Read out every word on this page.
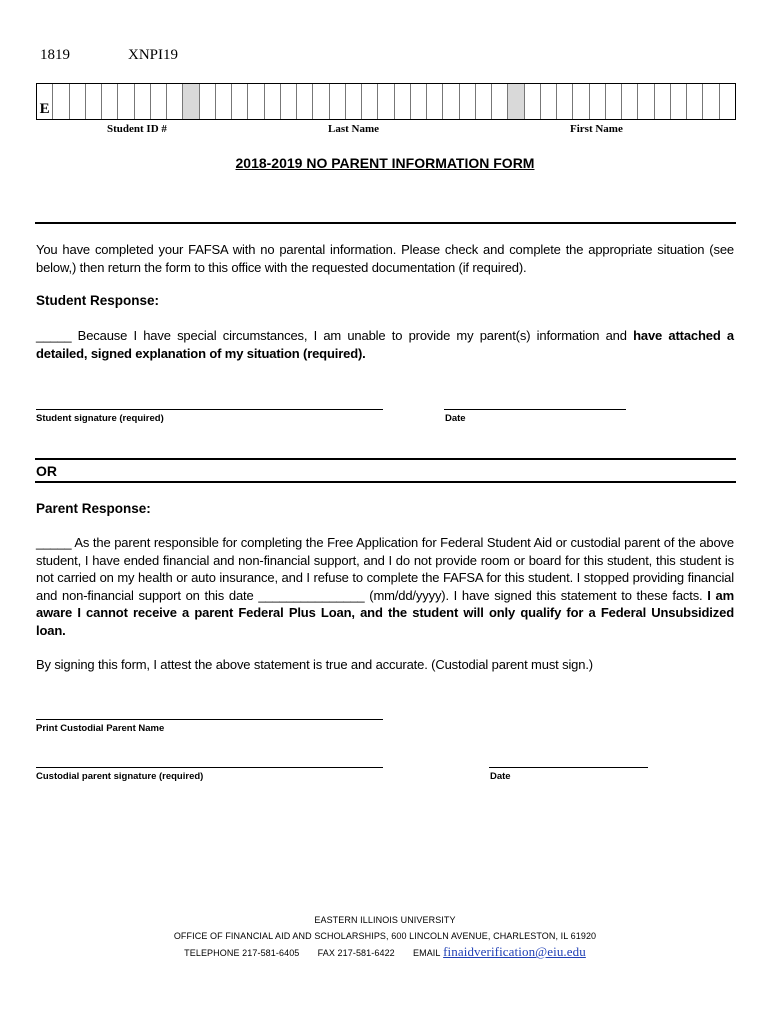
1819	XNPI19
E
Student ID #	Last Name	First Name
2018-2019 NO PARENT INFORMATION FORM
You have completed your FAFSA with no parental information. Please check and complete the appropriate situation (see below,) then return the form to this office with the requested documentation (if required).
Student Response:
_____ Because I have special circumstances, I am unable to provide my parent(s) information and have attached a detailed, signed explanation of my situation (required).
Student signature (required)	Date
OR
Parent Response:
_____ As the parent responsible for completing the Free Application for Federal Student Aid or custodial parent of the above student, I have ended financial and non-financial support, and I do not provide room or board for this student, this student is not carried on my health or auto insurance, and I refuse to complete the FAFSA for this student. I stopped providing financial and non-financial support on this date _______________ (mm/dd/yyyy). I have signed this statement to these facts. I am aware I cannot receive a parent Federal Plus Loan, and the student will only qualify for a Federal Unsubsidized loan.
By signing this form, I attest the above statement is true and accurate. (Custodial parent must sign.)
Print Custodial Parent Name
Custodial parent signature (required)	Date
EASTERN ILLINOIS UNIVERSITY
OFFICE OF FINANCIAL AID AND SCHOLARSHIPS, 600 LINCOLN AVENUE, CHARLESTON, IL 61920
TELEPHONE 217-581-6405 FAX 217-581-6422 EMAIL finaidverification@eiu.edu
